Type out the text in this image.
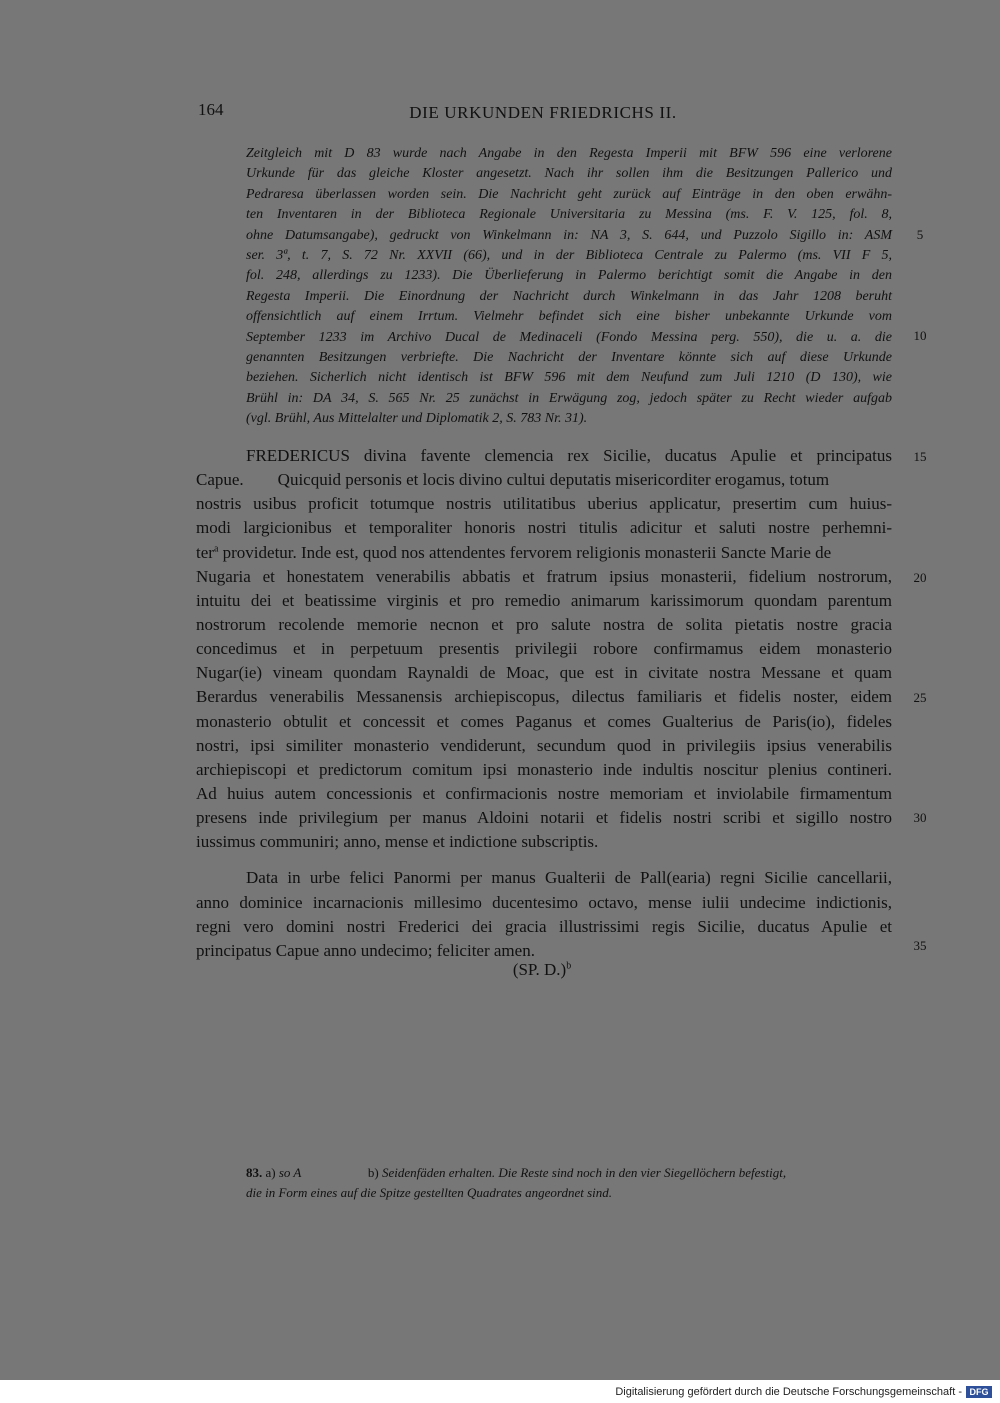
164	DIE URKUNDEN FRIEDRICHS II.
Zeitgleich mit D 83 wurde nach Angabe in den Regesta Imperii mit BFW 596 eine verlorene
Urkunde für das gleiche Kloster angesetzt. Nach ihr sollen ihm die Besitzungen Pallerico und
Pedraresa überlassen worden sein. Die Nachricht geht zurück auf Einträge in den oben erwähn-
ten Inventaren in der Biblioteca Regionale Universitaria zu Messina (ms. F. V. 125, fol. 8,
ohne Datumsangabe), gedruckt von Winkelmann in: NA 3, S. 644, und Puzzolo Sigillo in: ASM
ser. 3ª, t. 7, S. 72 Nr. XXVII (66), und in der Biblioteca Centrale zu Palermo (ms. VII F 5,
fol. 248, allerdings zu 1233). Die Überlieferung in Palermo berichtigt somit die Angabe in den
Regesta Imperii. Die Einordnung der Nachricht durch Winkelmann in das Jahr 1208 beruht
offensichtlich auf einem Irrtum. Vielmehr befindet sich eine bisher unbekannte Urkunde vom
September 1233 im Archivo Ducal de Medinaceli (Fondo Messina perg. 550), die u. a. die
genannten Besitzungen verbriefte. Die Nachricht der Inventare könnte sich auf diese Urkunde
beziehen. Sicherlich nicht identisch ist BFW 596 mit dem Neufund zum Juli 1210 (D 130), wie
Brühl in: DA 34, S. 565 Nr. 25 zunächst in Erwägung zog, jedoch später zu Recht wieder aufgab
(vgl. Brühl, Aus Mittelalter und Diplomatik 2, S. 783 Nr. 31).
FREDERICUS divina favente clemencia rex Sicilie, ducatus Apulie et principatus
Capue.        Quicquid personis et locis divino cultui deputatis misericorditer erogamus, totum
nostris usibus proficit totumque nostris utilitatibus uberius applicatur, presertim cum huius-
modi largicionibus et temporaliter honoris nostri titulis adicitur et saluti nostre perhemni-
ter$^a$ providetur. Inde est, quod nos attendentes fervorem religionis monasterii Sancte Marie de
Nugaria et honestatem venerabilis abbatis et fratrum ipsius monasterii, fidelium nostrorum,
intuitu dei et beatissime virginis et pro remedio animarum karissimorum quondam parentum
nostrorum recolende memorie necnon et pro salute nostra de solita pietatis nostre gracia
concedimus et in perpetuum presentis privilegii robore confirmamus eidem monasterio
Nugar(ie) vineam quondam Raynaldi de Moac, que est in civitate nostra Messane et quam
Berardus venerabilis Messanensis archiepiscopus, dilectus familiaris et fidelis noster, eidem
monasterio obtulit et concessit et comes Paganus et comes Gualterius de Paris(io), fideles
nostri, ipsi similiter monasterio vendiderunt, secundum quod in privilegiis ipsius venerabilis
archiepiscopi et predictorum comitum ipsi monasterio inde indultis noscitur plenius contineri.
Ad huius autem concessionis et confirmacionis nostre memoriam et inviolabile firmamentum
presens inde privilegium per manus Aldoini notarii et fidelis nostri scribi et sigillo nostro
iussimus communiri; anno, mense et indictione subscriptis.
Data in urbe felici Panormi per manus Gualterii de Pall(earia) regni Sicilie cancellarii,
anno dominice incarnacionis millesimo ducentesimo octavo, mense iulii undecime indictionis,
regni vero domini nostri Frederici dei gracia illustrissimi regis Sicilie, ducatus Apulie et
principatus Capue anno undecimo; feliciter amen.
(SP. D.)$^b$
5
10
15
20
25
30
35
83. a) so A	b) Seidenfäden erhalten. Die Reste sind noch in den vier Siegellöchern befestigt,
die in Form eines auf die Spitze gestellten Quadrates angeordnet sind.
Digitalisierung gefördert durch die Deutsche Forschungsgemeinschaft - DFG
